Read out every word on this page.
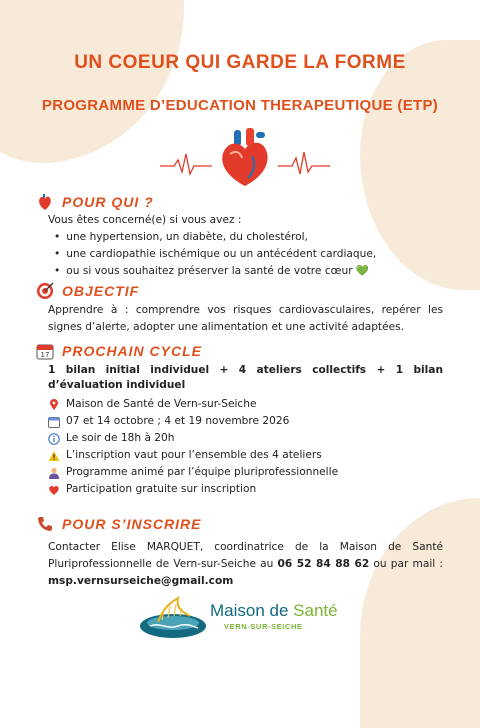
UN COEUR QUI GARDE LA FORME
PROGRAMME D’EDUCATION THERAPEUTIQUE (ETP)
POUR QUI ?
Vous êtes concerné(e) si vous avez :
• une hypertension, un diabète, du cholestérol,
• une cardiopathie ischémique ou un antécédent cardiaque,
• ou si vous souhaitez préserver la santé de votre cœur 💚
OBJECTIF
Apprendre à : comprendre vos risques cardiovasculaires, repérer les signes d’alerte, adopter une alimentation et une activité adaptées.
17 PROCHAIN CYCLE
1 bilan initial individuel + 4 ateliers collectifs + 1 bilan d’évaluation individuel
Maison de Santé de Vern-sur-Seiche
07 et 14 octobre ; 4 et 19 novembre 2026
Le soir de 18h à 20h
L’inscription vaut pour l’ensemble des 4 ateliers
Programme animé par l’équipe pluriprofessionnelle
Participation gratuite sur inscription
POUR S’INSCRIRE
Contacter Elise MARQUET, coordinatrice de la Maison de Santé Pluriprofessionnelle de Vern-sur-Seiche au 06 52 84 88 62 ou par mail : msp.vernsurseiche@gmail.com
Maison de Santé
VERN-SUR-SEICHE
